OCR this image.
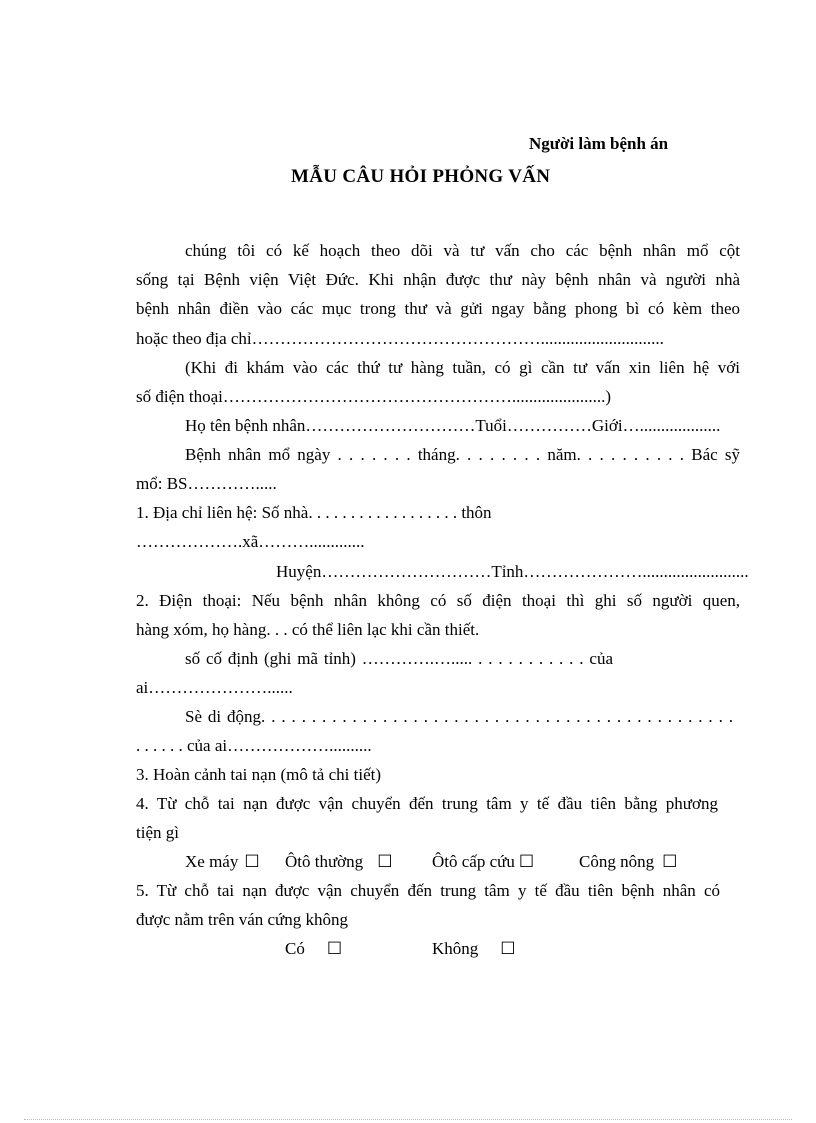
Người làm bệnh án
MẪU CÂU HỎI PHỎNG VẤN
chúng tôi có kế hoạch theo dõi và tư vấn cho các bệnh nhân mổ cột
sống tại Bệnh viện Việt Đức. Khi nhận được thư này bệnh nhân và người nhà
bệnh nhân điền vào các mục trong thư và gửi ngay bằng phong bì có kèm theo
hoặc theo địa chỉ…………………………………………….............................
(Khi đi khám vào các thứ tư hàng tuần, có gì cần tư vấn xin liên hệ với
số điện thoại……………………………………………......................)
Họ tên bệnh nhân…………………………Tuổi……………Giới…...................
Bệnh nhân mổ ngày . . . . . . . tháng. . . . . . . . năm. . . . . . . . . . Bác sỹ
mổ: BS………….....
1. Địa chỉ liên hệ: Số nhà. . . . . . . . . . . . . . . . . . thôn
……………….xã……….............
Huyện…………………………Tỉnh………………….........................
2. Điện thoại: Nếu bệnh nhân không có số điện thoại thì ghi số người quen,
hàng xóm, họ hàng. . . có thể liên lạc khi cần thiết.
số cố định (ghi mã tỉnh) ………….…..... . . . . . . . . . . . của
ai…………………......
Sè di động. . . . . . . . . . . . . . . . . . . . . . . . . . . . . . . . . . . . . . . . . . . . . . .
. . . . . . của ai………………..........
3. Hoàn cảnh tai nạn (mô tả chi tiết)
4. Từ chỗ tai nạn được vận chuyển đến trung tâm y tế đầu tiên bằng phương
tiện gì
Xe máy ☐ Ôtô thường ☐ Ôtô cấp cứu ☐	Công nông ☐
5. Từ chỗ tai nạn được vận chuyển đến trung tâm y tế đầu tiên bệnh nhân có
được nằm trên ván cứng không
Có ☐	Không ☐
